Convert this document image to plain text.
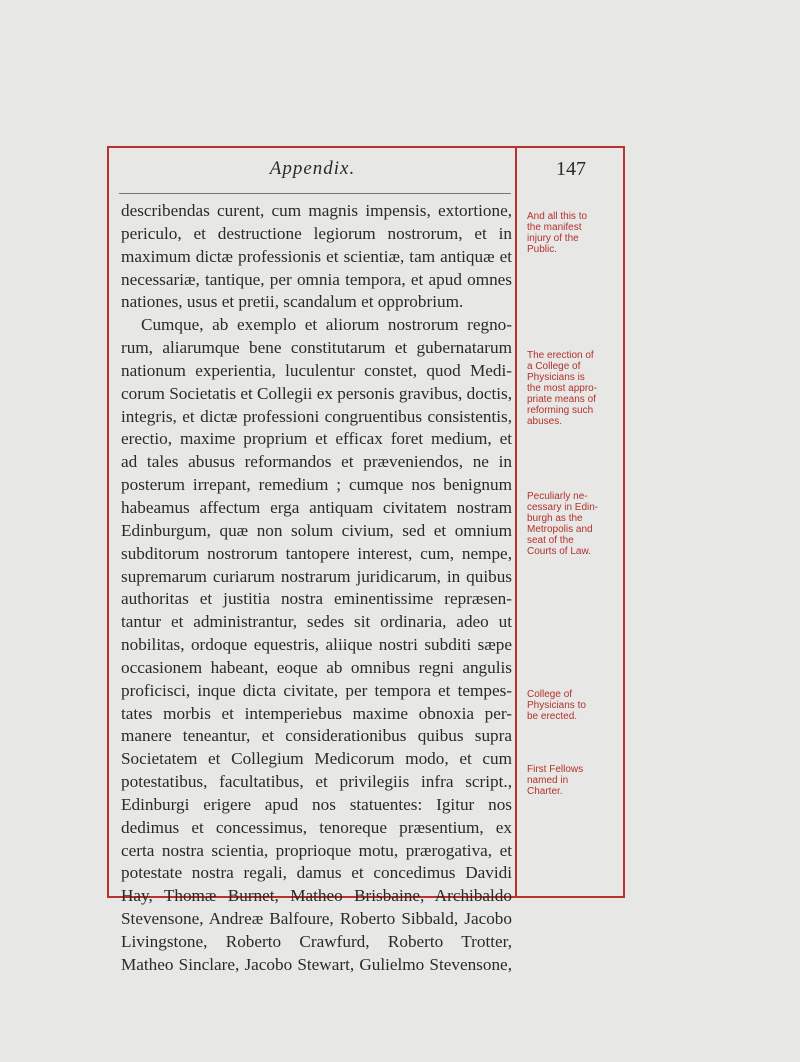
Appendix.	147
describendas curent, cum magnis impensis, extortione,
periculo, et destructione legiorum nostrorum, et in
maximum dictæ professionis et scientiæ, tam antiquæ et
necessariæ, tantique, per omnia tempora, et apud omnes
nationes, usus et pretii, scandalum et opprobrium.
Cumque, ab exemplo et aliorum nostrorum regno-
rum, aliarumque bene constitutarum et gubernatarum
nationum experientia, luculentur constet, quod Medi-
corum Societatis et Collegii ex personis gravibus, doctis,
integris, et dictæ professioni congruentibus consistentis,
erectio, maxime proprium et efficax foret medium, et
ad tales abusus reformandos et præveniendos, ne in
posterum irrepant, remedium ; cumque nos benignum
habeamus affectum erga antiquam civitatem nostram
Edinburgum, quæ non solum civium, sed et omnium
subditorum nostrorum tantopere interest, cum, nempe,
supremarum curiarum nostrarum juridicarum, in quibus
authoritas et justitia nostra eminentissime repræsen-
tantur et administrantur, sedes sit ordinaria, adeo ut
nobilitas, ordoque equestris, aliique nostri subditi sæpe
occasionem habeant, eoque ab omnibus regni angulis
proficisci, inque dicta civitate, per tempora et tempes-
tates morbis et intemperiebus maxime obnoxia per-
manere teneantur, et considerationibus quibus supra
Societatem et Collegium Medicorum modo, et cum
potestatibus, facultatibus, et privilegiis infra script.,
Edinburgi erigere apud nos statuentes: Igitur nos
dedimus et concessimus, tenoreque præsentium, ex
certa nostra scientia, proprioque motu, prærogativa, et
potestate nostra regali, damus et concedimus Davidi
Hay, Thomæ Burnet, Matheo Brisbaine, Archibaldo
Stevensone, Andreæ Balfoure, Roberto Sibbald, Jacobo
Livingstone, Roberto Crawfurd, Roberto Trotter,
Matheo Sinclare, Jacobo Stewart, Gulielmo Stevensone,
And all this to
the manifest
injury of the
Public.
The erection of
a College of
Physicians is
the most appro-
priate means of
reforming such
abuses.
Peculiarly ne-
cessary in Edin-
burgh as the
Metropolis and
seat of the
Courts of Law.
College of
Physicians to
be erected.
First Fellows
named in
Charter.
